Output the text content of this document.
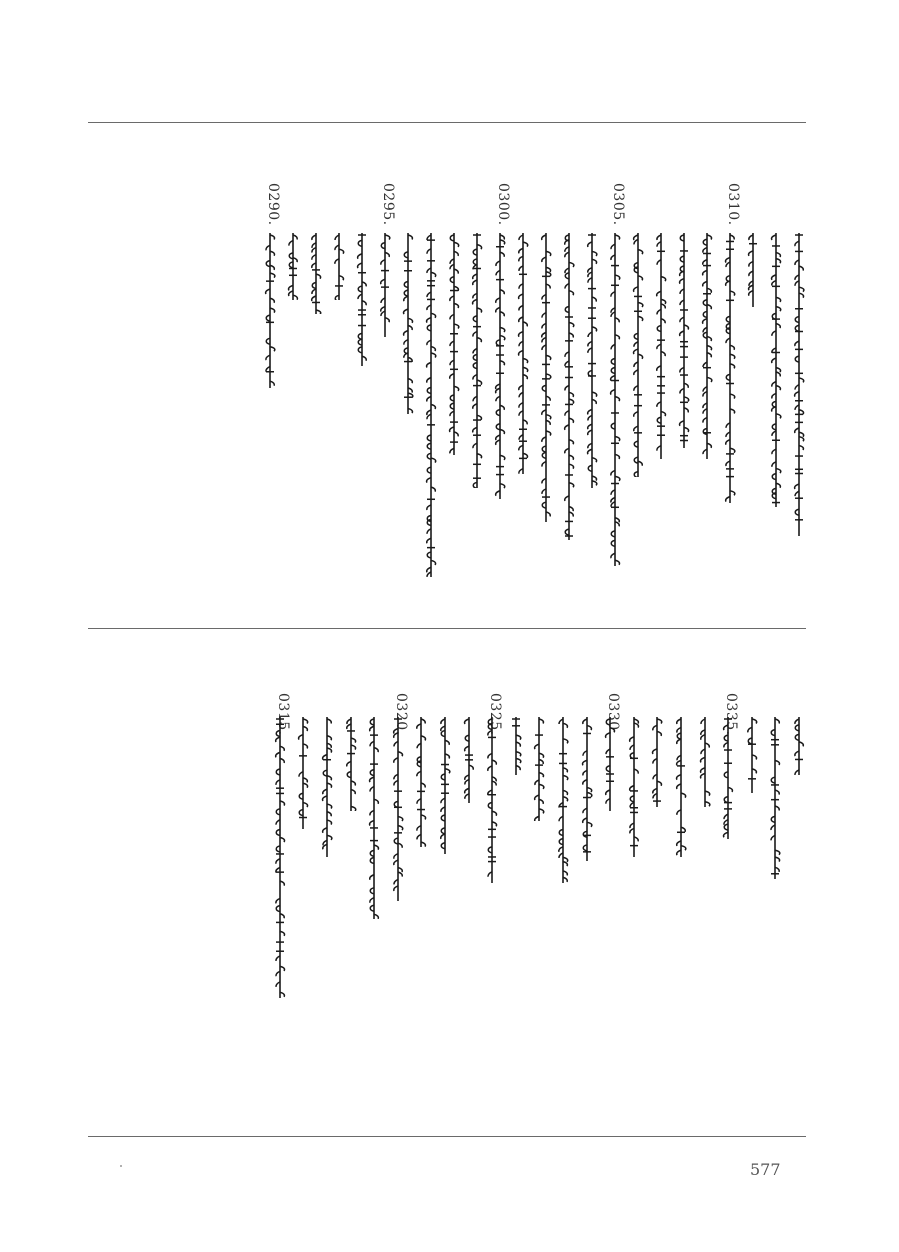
0310.
0305.
0300.
0295.
0290.
0335.
0330.
0325.
0320.
0315.
577
